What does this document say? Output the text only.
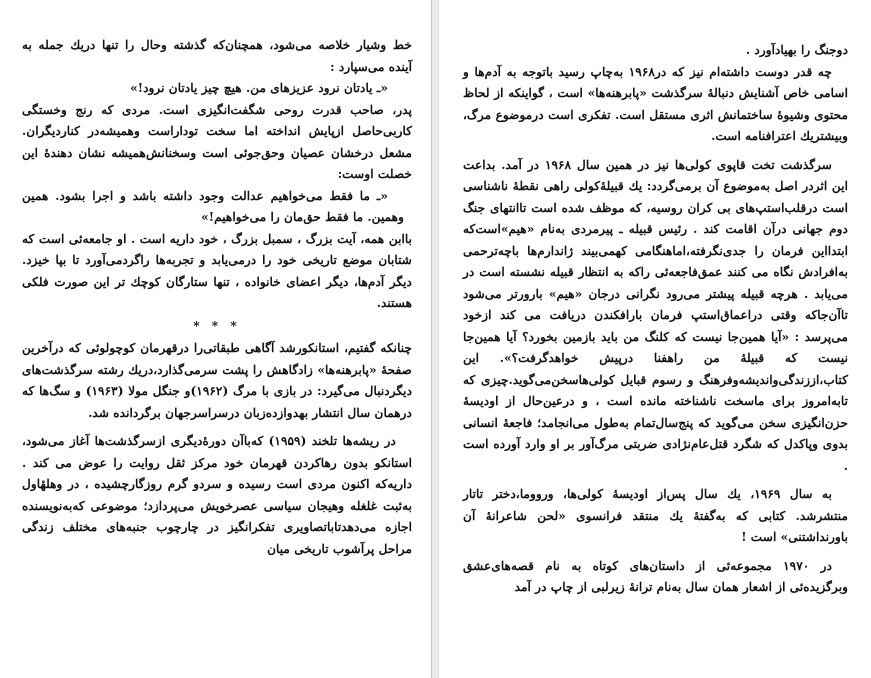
خط وشیار خلاصه می‌شود، همچنان‌که گذشته وحال را تنها دریك جمله به آینده می‌سپارد :

«ـ یادتان نرود عزیزهای من. هیچ چیز یادتان نرود!»

پدر، صاحب قدرت روحی شگفت‌انگیزی است. مردی که رنج وخستگی کاربی‌حاصل ازپایش انداخته اما سخت توداراست وهمیشه‌در کناردیگران. مشعل درخشان عصیان وحق‌جوئی است وسخنانش‌همیشه نشان دهندهٔ این خصلت اوست:

«ـ ما فقط می‌خواهیم عدالت وجود داشته باشد و اجرا بشود. همین وهمین. ما فقط حق‌مان را می‌خواهیم!»

باابن همه، آیت بزرگ ، سمبل بزرگ ، خود داریه است . او جامعه‌ئی است که شتابان موضع تاریخی خود را درمی‌یابد و تجربه‌ها راگردمی‌آورد تا بپا خیزد. دیگر آدم‌ها، دیگر اعضای خانواده ، تنها ستارگان کوچك تر این صورت فلکی هستند.

* * *

چنانکه گفتیم، استانکورشد آگاهی طبقاتی‌را درقهرمان کوچولوئی که درآخرین صفحهٔ «پابرهنه‌ها» زادگاهش را پشت سرمی‌گذارد،دریك رشته سرگذشت‌های دیگردنبال می‌گیرد: در بازی با مرگ (۱۹۶۲)و جنگل مولا (۱۹۶۳) و سگ‌ها که درهمان سال انتشار بهدوازده‌زبان درسراسرجهان برگردانده شد.

در ریشه‌ها تلخند (۱۹۵۹) که‌باآن دوره‌ٔدیگری ازسرگذشت‌ها آغاز می‌شود، استانکو بدون رهاکردن قهرمان خود مرکز ثقل روایت را عوض می کند . داریه‌که اکنون مردی است رسیده و سردو گرم روزگارچشیده ، در وهلهٔاول به‌ئبت غلغله وهیجان سیاسی عصرخویش می‌پردازد؛ موضوعی که‌به‌نویسنده اجازه می‌دهدتاباتصاویری تفکرانگیز در چارچوب جنبه‌های مختلف زندگی مراحل پرآشوب تاریخی میان

دوجنگ را بهیادآورد .

چه قدر دوست داشته‌ام نیز که در۱۹۶۸ به‌چاپ رسید باتوجه به آدم‌ها و اسامی خاص آشنایش دنبالهٔ سرگذشت «پابرهنه‌ها» است ، گواینکه از لحاظ محتوی وشیوهٔ ساختمانش اثری مستقل است. تفکری است درموضوع مرگ، وبیشتریك اعترافنامه است.

سرگذشت تخت قاپوی کولی‌ها نیز در همین سال ۱۹۶۸ در آمد. بداعت این اثردر اصل به‌موضوع آن برمی‌گردد: یك قبیلهٔ‌کولی راهی نقطهٔ ناشناسی است درقلب‌استپ‌های بی کران روسیه، که موظف شده است تاانتهای جنگ دوم جهانی درآن اقامت کند . رئیس قبیله ـ پیرمردی به‌نام «هیم»است‌که ابتدااین فرمان را جدی‌نگرفته،اماهنگامی کهمی‌بیند ژاندارم‌ها باچه‌ترحمی به‌افرادش نگاه می کنند عمق‌فاجعه‌ئی راکه به انتظار قبیله نشسته است در می‌یابد . هرچه قبیله پیشتر می‌رود نگرانی درجان «هیم» بارورتر می‌شود تاآن‌جاکه وقتی دراعماق‌استپ فرمان بارافکندن دریافت می کند ازخود می‌پرسد : «آیا همین‌جا نیست که کلنگ من باید بازمین بخورد؟ آیا همین‌جا نیست که قبیلهٔ من راهفنا درپیش خواهدگرفت؟». این کتاب،اززندگی‌واندیشه‌وفرهنگ و رسوم قبایل کولی‌ها‌سخن‌می‌گوید.چیزی که تابه‌امروز برای ماسخت ناشناخته مانده است ، و درعین‌حال از اودیسهٔ حزن‌انگیزی سخن می‌گوید که پنج‌سال‌تمام به‌طول می‌انجامد؛ فاجعهٔ انسانی بدوی وپاکدل که شگرد قتل‌عام‌نژادی ضربتی مرگ‌آور بر او وارد آورده است .

به سال ۱۹۶۹، یك سال پس‌از اودیسهٔ کولی‌ها، ورووما،دختر تاتار منتشرشد. کتابی که به‌گفتهٔ یك منتقد فرانسوی «لحن شاعرانهٔ آن باورنداشتنی» است !

در ۱۹۷۰ مجموعه‌ئی از داستان‌های کوتاه به نام قصه‌های‌عشق وبرگزیده‌ئی از اشعار همان سال به‌نام ترانهٔ زیرلبی از چاپ در آمد
